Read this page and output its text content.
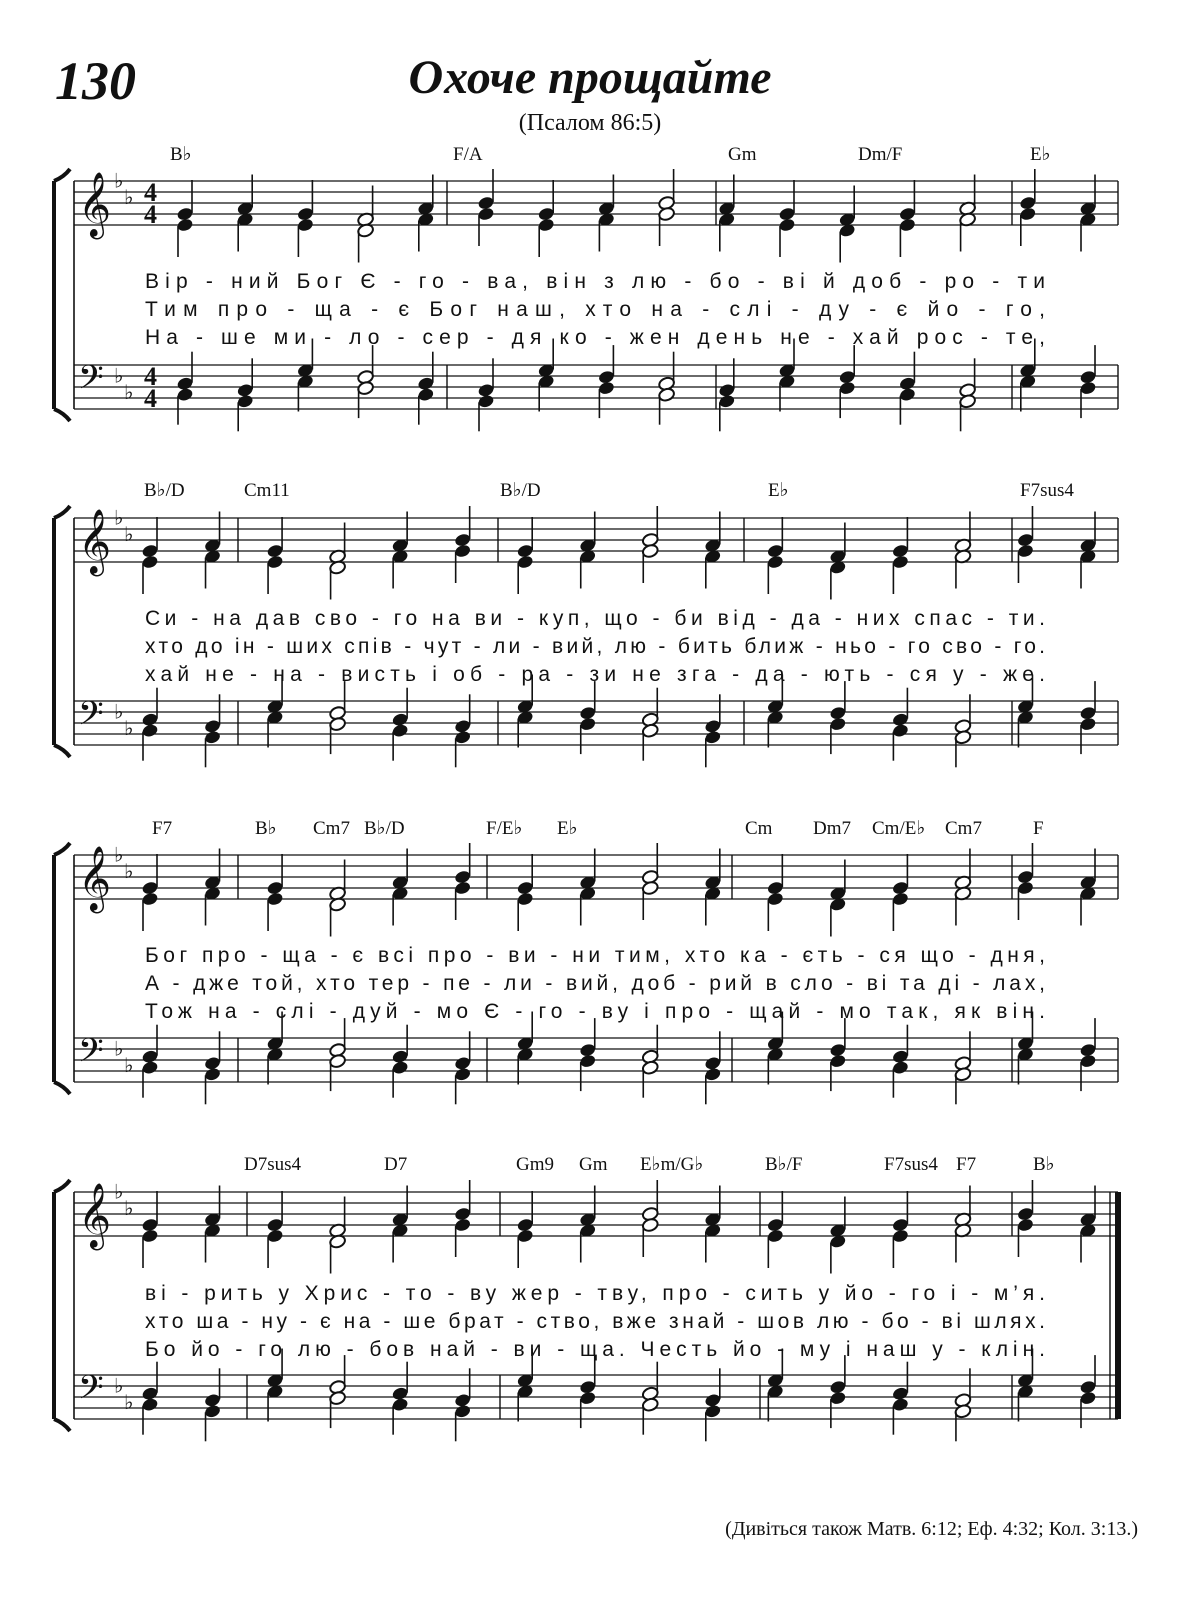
130	Охоче прощайте
(Псалом 86:5)
𝄞
𝄢
♭
♭
♭
♭
4
4
4
4
B♭	F/A	Gm	Dm/F	E♭
Вір - ний Бог Є - го - ва, він з лю - бо - ві й доб - ро - ти
Тим про - ща - є Бог наш, хто на - слі - ду - є йо - го,
На - ше ми - ло - сер - дя ко - жен день не - хай рос - те,
𝄞
𝄢
♭
♭
♭
♭
B♭/D	Cm11	B♭/D	E♭	F7sus4
Си - на дав сво - го на ви - куп, що - би від - да - них спас - ти.
хто до ін - ших спів - чут - ли - вий, лю - бить ближ - ньо - го сво - го.
хай не - на - висть і об - ра - зи не зга - да - ють - ся у - же.
𝄞
𝄢
♭
♭
♭
♭
F7	B♭ Cm7 B♭/D	F/E♭ E♭	Cm Dm7 Cm/E♭ Cm7	F
Бог про - ща - є всі про - ви - ни тим, хто ка - єть - ся що - дня,
А - дже той, хто тер - пе - ли - вий, доб - рий в сло - ві та ді - лах,
Тож на - слі - дуй - мо Є - го - ву і про - щай - мо так, як він.
𝄞
𝄢
♭
♭
♭
♭
D7sus4	D7	Gm9 Gm E♭m/G♭	B♭/F	F7sus4 F7	B♭
ві - рить у Хрис - то - ву жер - тву, про - сить у йо - го і - м’я.
хто ша - ну - є на - ше брат - ство, вже знай - шов лю - бо - ві шлях.
Бо йо - го лю - бов най - ви - ща. Честь йо - му і наш у - клін.
(Дивіться також Матв. 6:12; Еф. 4:32; Кол. 3:13.)
